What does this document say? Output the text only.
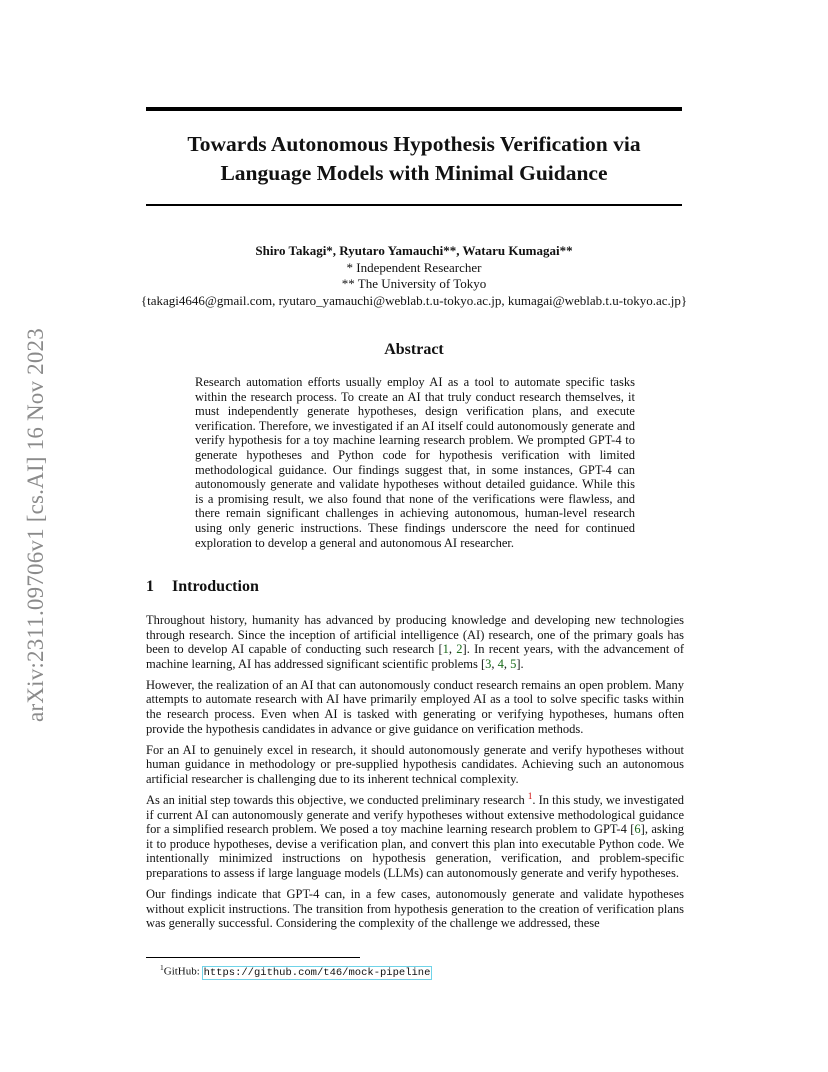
arXiv:2311.09706v1 [cs.AI] 16 Nov 2023
Towards Autonomous Hypothesis Verification via
Language Models with Minimal Guidance
Shiro Takagi*, Ryutaro Yamauchi**, Wataru Kumagai**
* Independent Researcher
** The University of Tokyo
{takagi4646@gmail.com, ryutaro_yamauchi@weblab.t.u-tokyo.ac.jp, kumagai@weblab.t.u-tokyo.ac.jp}
Abstract
Research automation efforts usually employ AI as a tool to automate specific tasks within the research process. To create an AI that truly conduct research themselves, it must independently generate hypotheses, design verification plans, and execute verification. Therefore, we investigated if an AI itself could autonomously generate and verify hypothesis for a toy machine learning research problem. We prompted GPT-4 to generate hypotheses and Python code for hypothesis verification with limited methodological guidance. Our findings suggest that, in some instances, GPT-4 can autonomously generate and validate hypotheses without detailed guidance. While this is a promising result, we also found that none of the verifications were flawless, and there remain significant challenges in achieving autonomous, human-level research using only generic instructions. These findings underscore the need for continued exploration to develop a general and autonomous AI researcher.
1 Introduction

Throughout history, humanity has advanced by producing knowledge and developing new technologies through research. Since the inception of artificial intelligence (AI) research, one of the primary goals has been to develop AI capable of conducting such research [1, 2]. In recent years, with the advancement of machine learning, AI has addressed significant scientific problems [3, 4, 5].

However, the realization of an AI that can autonomously conduct research remains an open problem. Many attempts to automate research with AI have primarily employed AI as a tool to solve specific tasks within the research process. Even when AI is tasked with generating or verifying hypotheses, humans often provide the hypothesis candidates in advance or give guidance on verification methods.

For an AI to genuinely excel in research, it should autonomously generate and verify hypotheses without human guidance in methodology or pre-supplied hypothesis candidates. Achieving such an autonomous artificial researcher is challenging due to its inherent technical complexity.

As an initial step towards this objective, we conducted preliminary research $^1$. In this study, we investigated if current AI can autonomously generate and verify hypotheses without extensive methodological guidance for a simplified research problem. We posed a toy machine learning research problem to GPT-4 [6], asking it to produce hypotheses, devise a verification plan, and convert this plan into executable Python code. We intentionally minimized instructions on hypothesis generation, verification, and problem-specific preparations to assess if large language models (LLMs) can autonomously generate and verify hypotheses.

Our findings indicate that GPT-4 can, in a few cases, autonomously generate and validate hypotheses without explicit instructions. The transition from hypothesis generation to the creation of verification plans was generally successful. Considering the complexity of the challenge we addressed, these

$^1$GitHub: https://github.com/t46/mock-pipeline
